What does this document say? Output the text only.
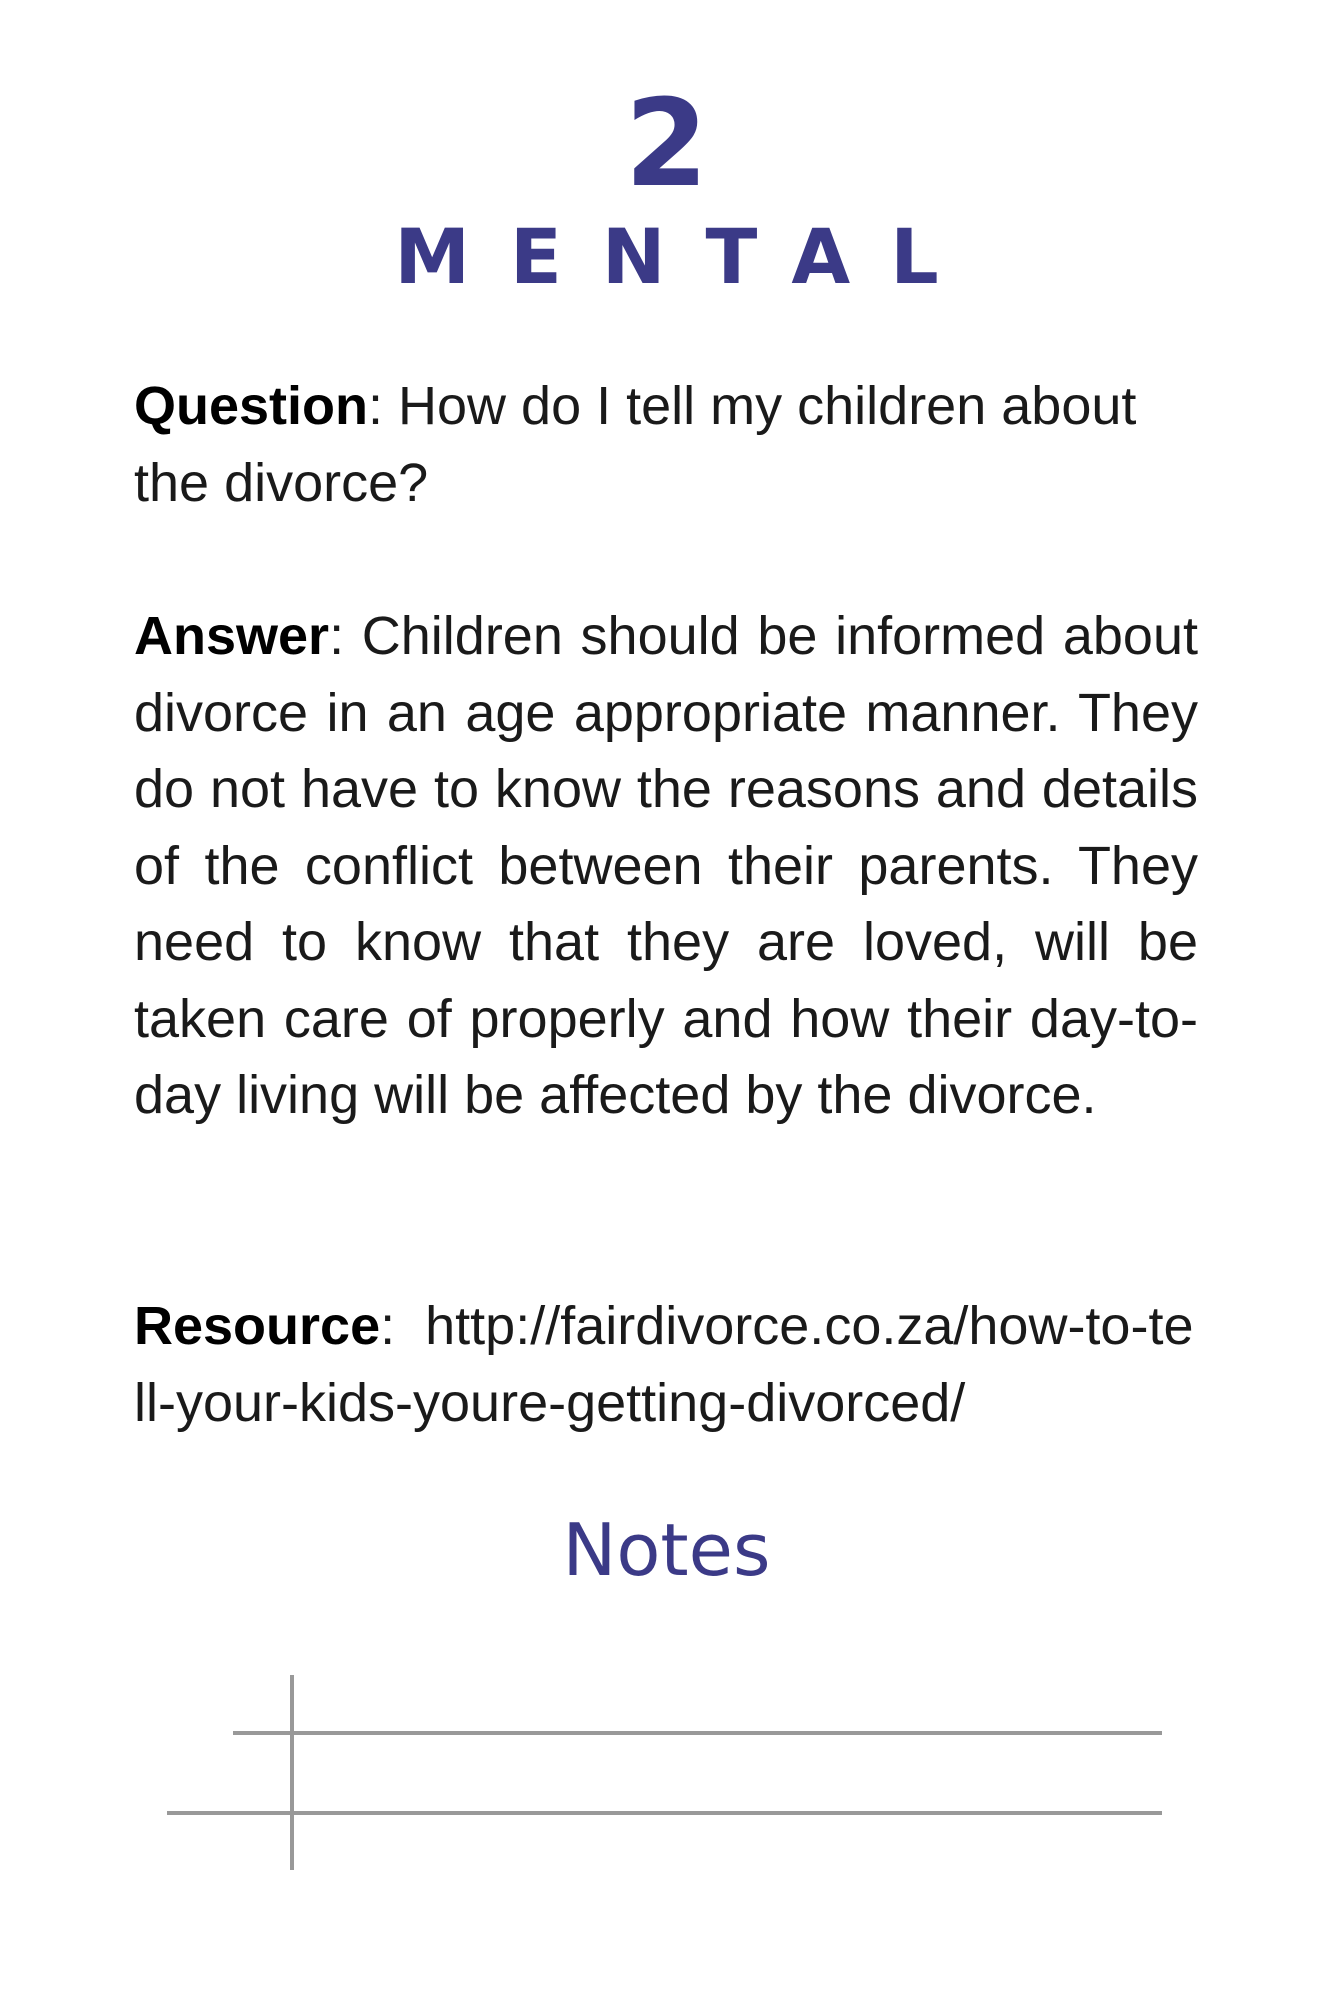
2
MENTAL
Question: How do I tell my children about the divorce?
Answer: Children should be informed about divorce in an age appropriate manner. They do not have to know the reasons and details of the conflict between their parents. They need to know that they are loved, will be taken care of properly and how their day-to-day living will be affected by the divorce.
Resource:  http://fairdivorce.co.za/how-to-tell-your-kids-youre-getting-divorced/
Notes
